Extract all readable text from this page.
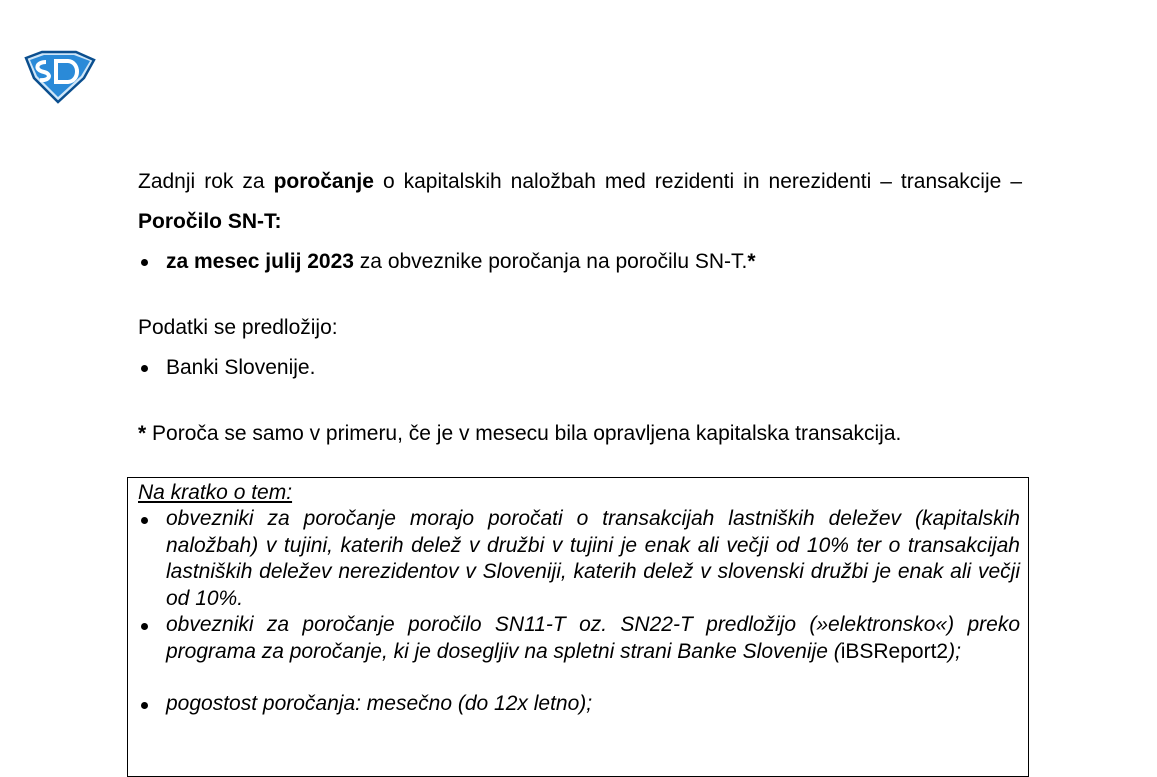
Zadnji rok za poročanje o kapitalskih naložbah med rezidenti in nerezidenti – transakcije – Poročilo SN-T:

za mesec julij 2023 za obveznike poročanja na poročilu SN-T.*

Podatki se predložijo:

Banki Slovenije.

* Poroča se samo v primeru, če je v mesecu bila opravljena kapitalska transakcija.

Na kratko o tem:

obvezniki za poročanje morajo poročati o transakcijah lastniških deležev (kapitalskih naložbah) v tujini, katerih delež v družbi v tujini je enak ali večji od 10% ter o transakcijah lastniških deležev nerezidentov v Sloveniji, katerih delež v slovenski družbi je enak ali večji od 10%.

obvezniki za poročanje poročilo SN11-T oz. SN22-T predložijo (»elektronsko«) preko programa za poročanje, ki je dosegljiv na spletni strani Banke Slovenije (iBSReport2);

pogostost poročanja: mesečno (do 12x letno);
